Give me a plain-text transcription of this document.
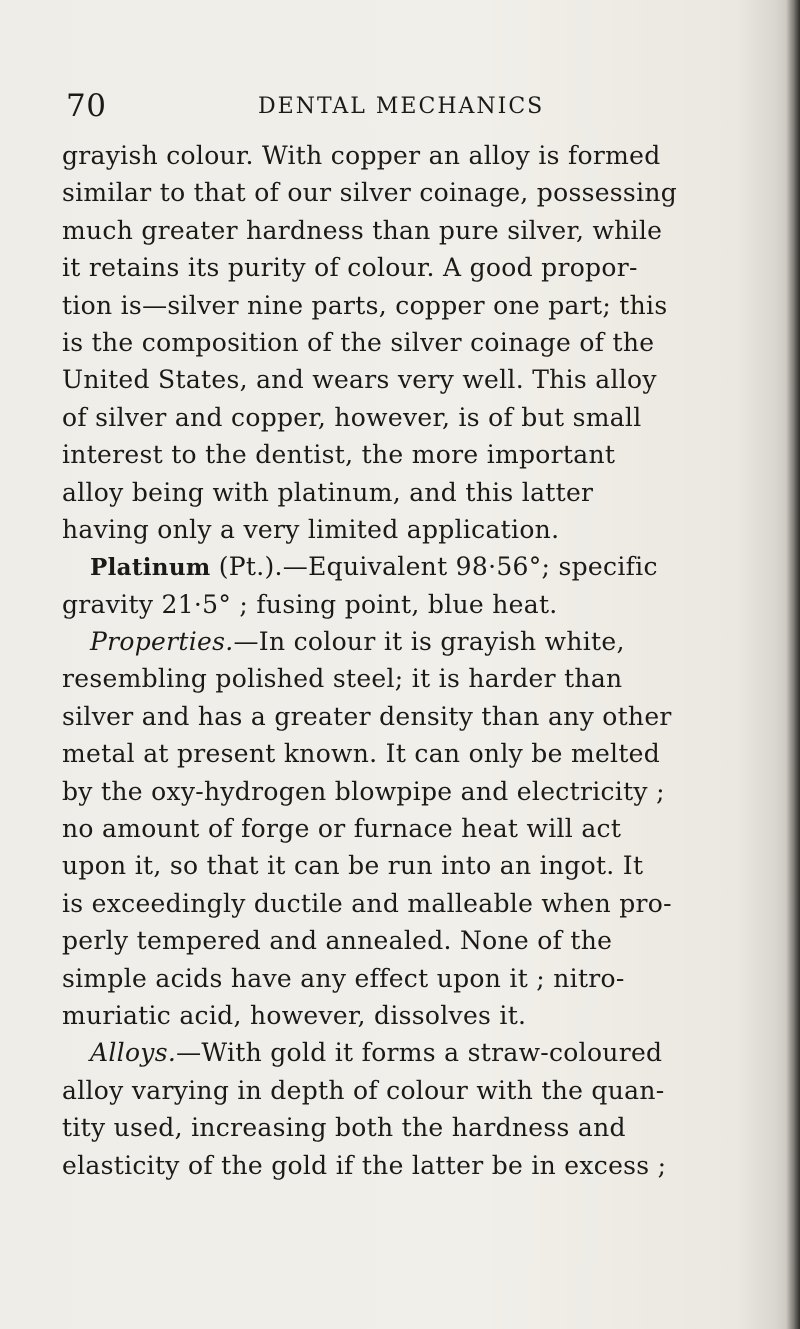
70	DENTAL MECHANICS
grayish colour. With copper an alloy is formed
similar to that of our silver coinage, possessing
much greater hardness than pure silver, while
it retains its purity of colour. A good propor-
tion is—silver nine parts, copper one part; this
is the composition of the silver coinage of the
United States, and wears very well. This alloy
of silver and copper, however, is of but small
interest to the dentist, the more important
alloy being with platinum, and this latter
having only a very limited application.
Platinum (Pt.).—Equivalent 98·56°; specific
gravity 21·5° ; fusing point, blue heat.
Properties.—In colour it is grayish white,
resembling polished steel; it is harder than
silver and has a greater density than any other
metal at present known. It can only be melted
by the oxy-hydrogen blowpipe and electricity ;
no amount of forge or furnace heat will act
upon it, so that it can be run into an ingot. It
is exceedingly ductile and malleable when pro-
perly tempered and annealed. None of the
simple acids have any effect upon it ; nitro-
muriatic acid, however, dissolves it.
Alloys.—With gold it forms a straw-coloured
alloy varying in depth of colour with the quan-
tity used, increasing both the hardness and
elasticity of the gold if the latter be in excess ;
